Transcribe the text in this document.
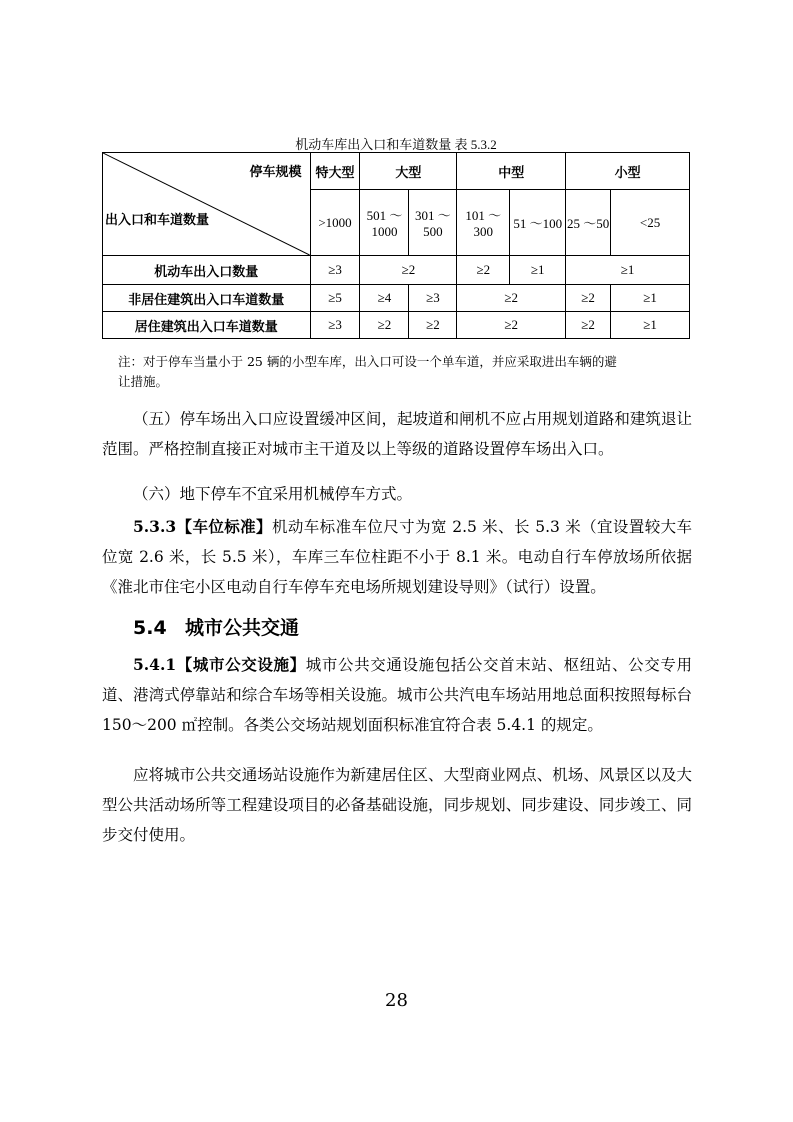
机动车库出入口和车道数量 表 5.3.2
停车规模
出入口和车道数量	特大型	大型		中型		小型	
	>1000	501 ～ 1000	301 ～500	101 ～300	51 ～100	25 ～50	<25
机动车出入口数量	≥3	≥2		≥2	≥1	≥1	
非居住建筑出入口车道数量	≥5	≥4	≥3	≥2		≥2	≥1
居住建筑出入口车道数量	≥3	≥2	≥2	≥2		≥2	≥1
注：对于停车当量小于 25 辆的小型车库，出入口可设一个单车道，并应采取进出车辆的避
让措施。
（五）停车场出入口应设置缓冲区间，起坡道和闸机不应占用规划道路和建筑退让范围。严格控制直接正对城市主干道及以上等级的道路设置停车场出入口。
（六）地下停车不宜采用机械停车方式。
5.3.3【车位标准】机动车标准车位尺寸为宽 2.5 米、长 5.3 米（宜设置较大车位宽 2.6 米，长 5.5 米），车库三车位柱距不小于 8.1 米。电动自行车停放场所依据《淮北市住宅小区电动自行车停车充电场所规划建设导则》（试行）设置。
5.4 城市公共交通
5.4.1【城市公交设施】城市公共交通设施包括公交首末站、枢纽站、公交专用道、港湾式停靠站和综合车场等相关设施。城市公共汽电车场站用地总面积按照每标台 150～200 ㎡控制。各类公交场站规划面积标准宜符合表 5.4.1 的规定。
应将城市公共交通场站设施作为新建居住区、大型商业网点、机场、风景区以及大型公共活动场所等工程建设项目的必备基础设施，同步规划、同步建设、同步竣工、同步交付使用。
28
